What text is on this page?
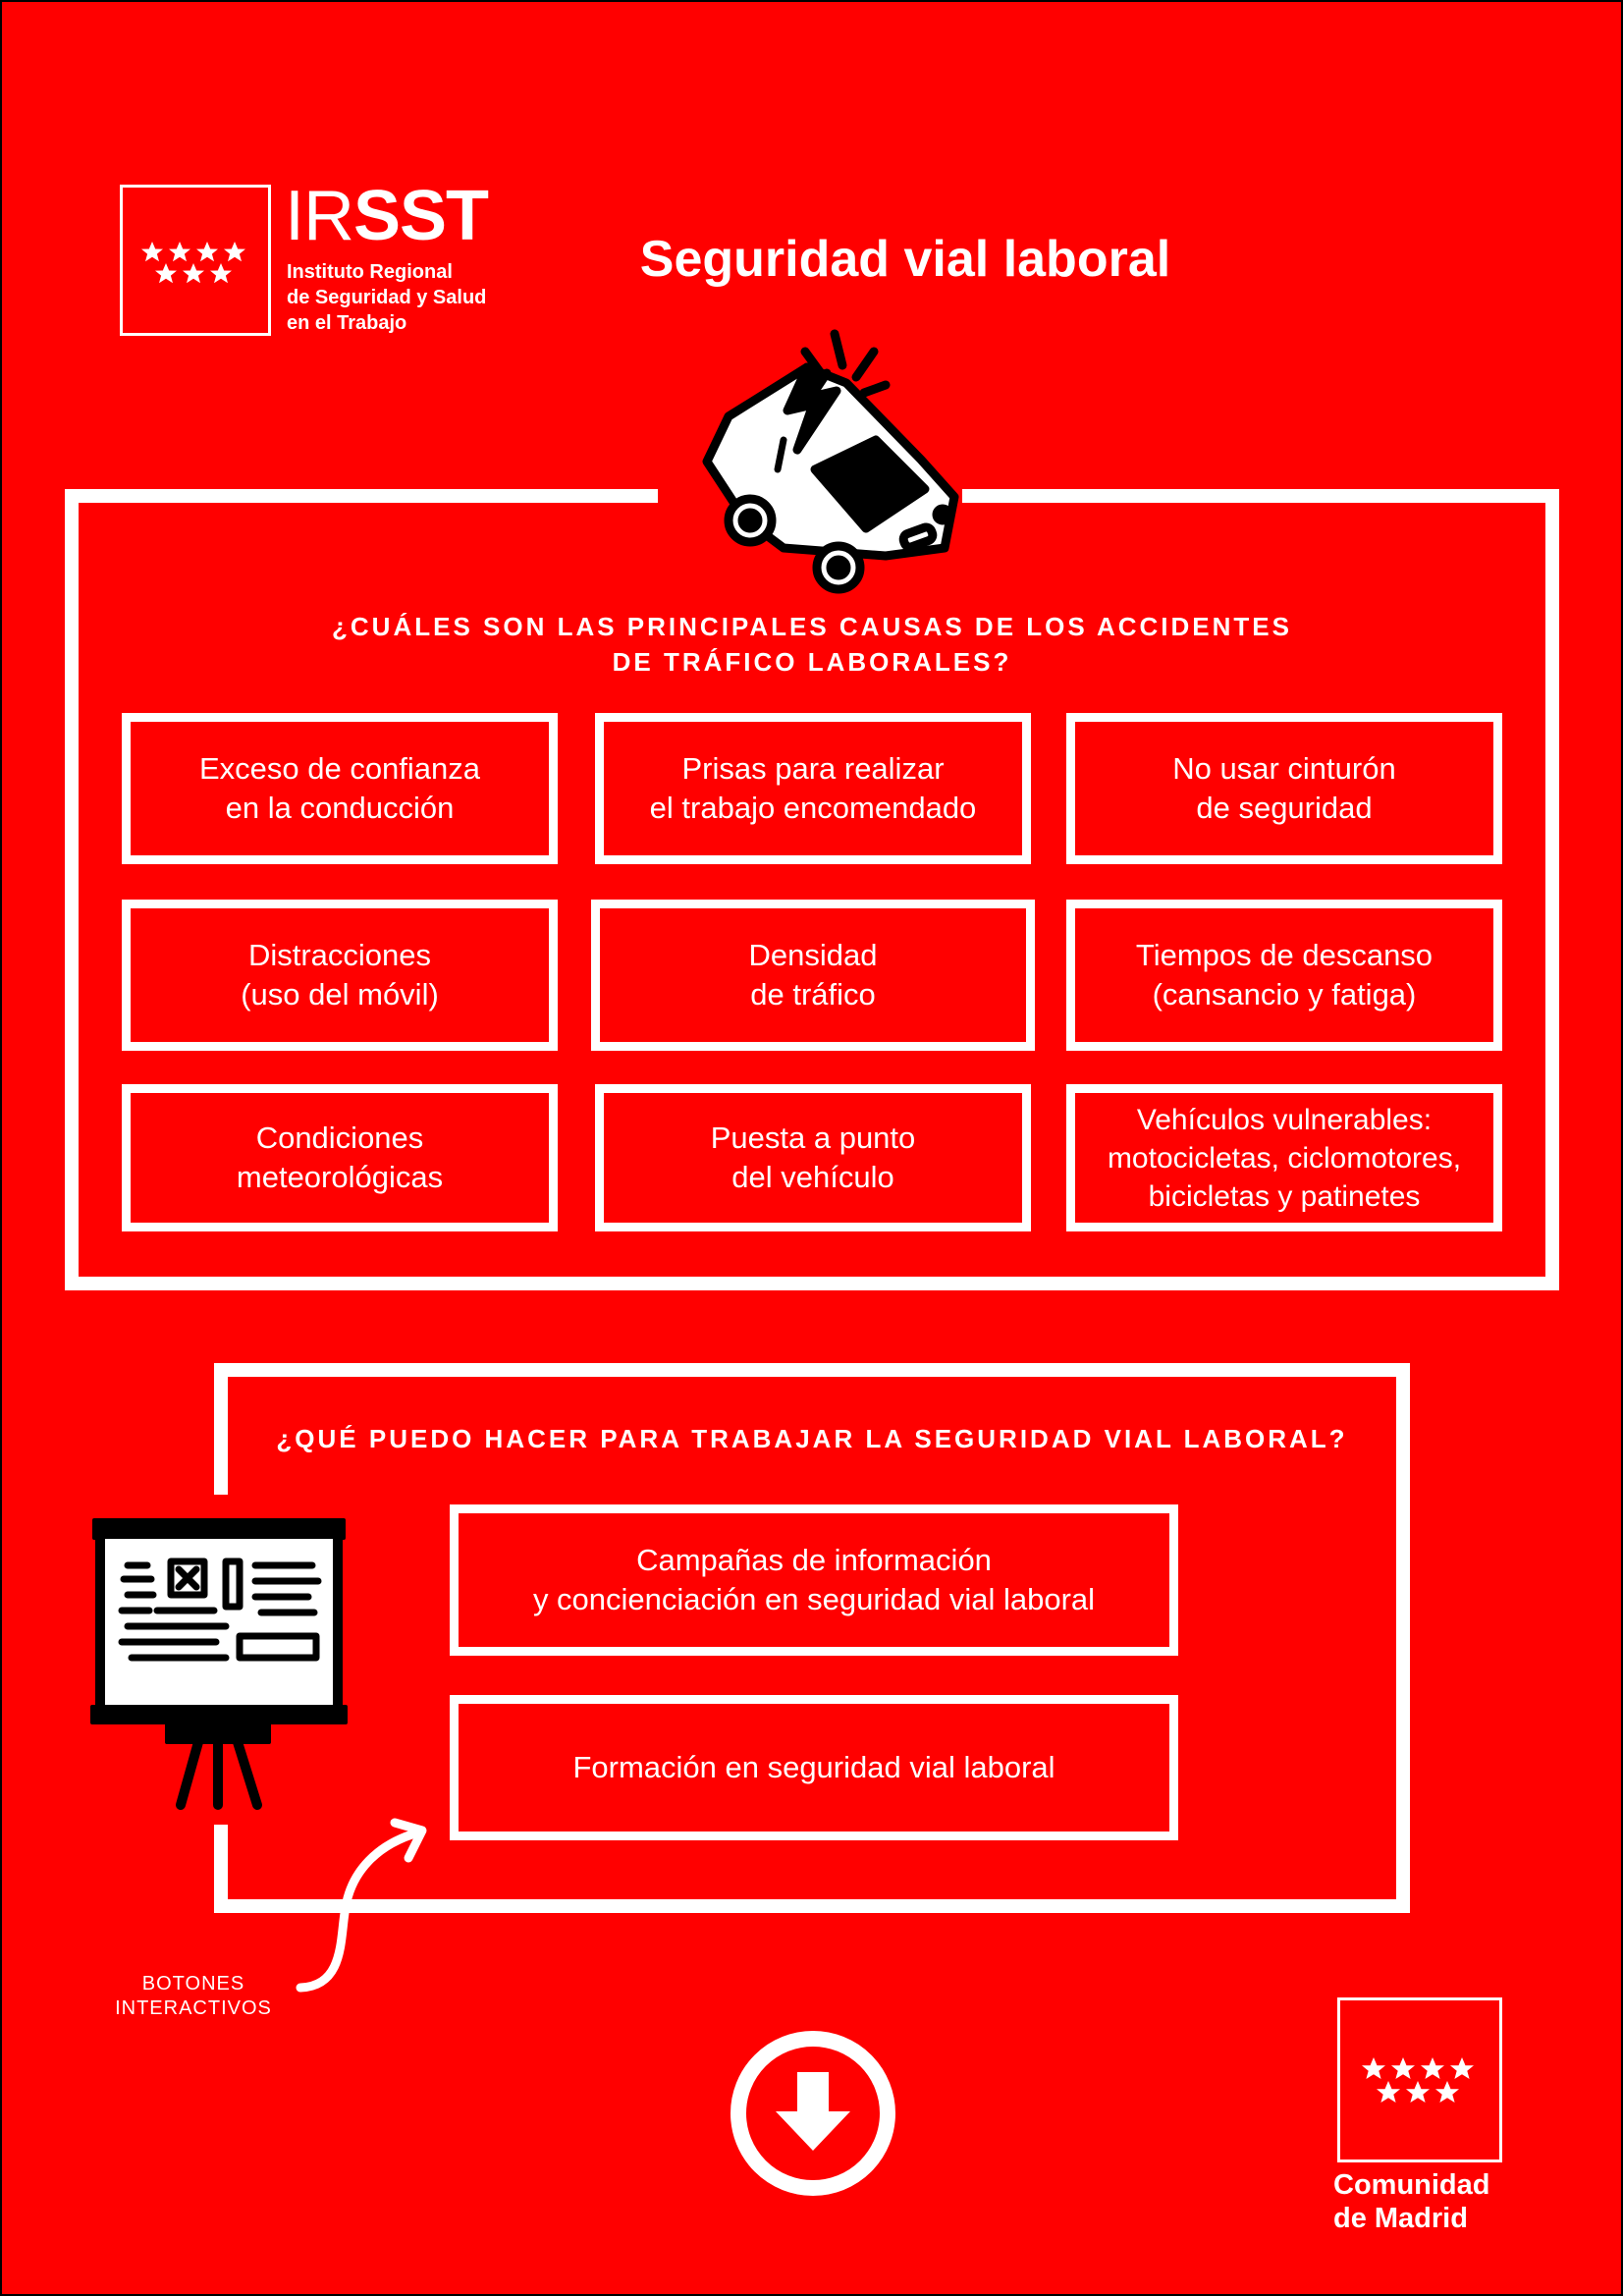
IRSST
Instituto Regional
de Seguridad y Salud
en el Trabajo
Seguridad vial laboral
¿CUÁLES SON LAS PRINCIPALES CAUSAS DE LOS ACCIDENTES
DE TRÁFICO LABORALES?
Exceso de confianza
en la conducción
Prisas para realizar
el trabajo encomendado
No usar cinturón
de seguridad
Distracciones
(uso del móvil)
Densidad
de tráfico
Tiempos de descanso
(cansancio y fatiga)
Condiciones
meteorológicas
Puesta a punto
del vehículo
Vehículos vulnerables:
motocicletas, ciclomotores,
bicicletas y patinetes
¿QUÉ PUEDO HACER PARA TRABAJAR LA SEGURIDAD VIAL LABORAL?
Campañas de información
y concienciación en seguridad vial laboral
Formación en seguridad vial laboral
BOTONES
INTERACTIVOS
Comunidad
de Madrid
